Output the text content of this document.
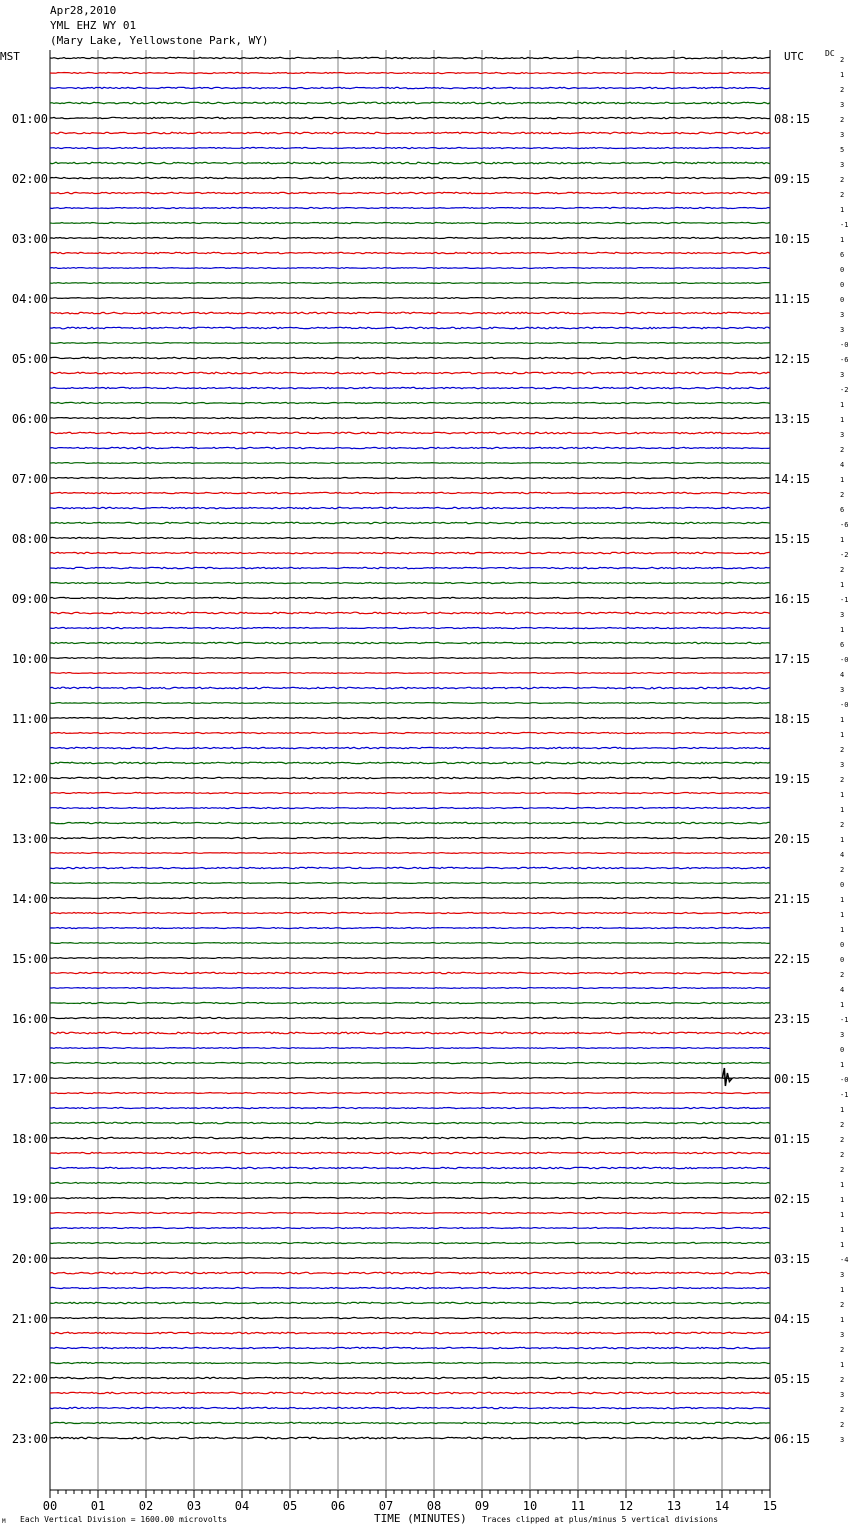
Apr28,2010
YML EHZ WY 01
(Mary Lake, Yellowstone Park, WY)
MST	UTC	DC
00	01	02	03	04	05	06	07	08	09	10	11	12	13	14	15
2
1
2
3
2
01:00	08:15
3
5
3
2
02:00	09:15
2
1
-1
1
03:00	10:15
6
0
0
0
04:00	11:15
3
3
-0
-6
05:00	12:15
3
-2
1
1
06:00	13:15
3
2
4
1
07:00	14:15
2
6
-6
1
08:00	15:15
-2
2
1
-1
09:00	16:15
3
1
6
-0
10:00	17:15
4
3
-0
1
11:00	18:15
1
2
3
2
12:00	19:15
1
1
2
1
13:00	20:15
4
2
0
1
14:00	21:15
1
1
0
0
15:00	22:15
2
4
1
-1
16:00	23:15
3
0
1
-0
17:00	00:15
-1
1
2
2
18:00	01:15
2
2
1
1
19:00	02:15
1
1
1
-4
20:00	03:15
3
1
2
1
21:00	04:15
3
2
1
2
22:00	05:15
3
2
2
3
23:00	06:15
M Each Vertical Division = 1600.00 microvolts	TIME (MINUTES) Traces clipped at plus/minus 5 vertical divisions
